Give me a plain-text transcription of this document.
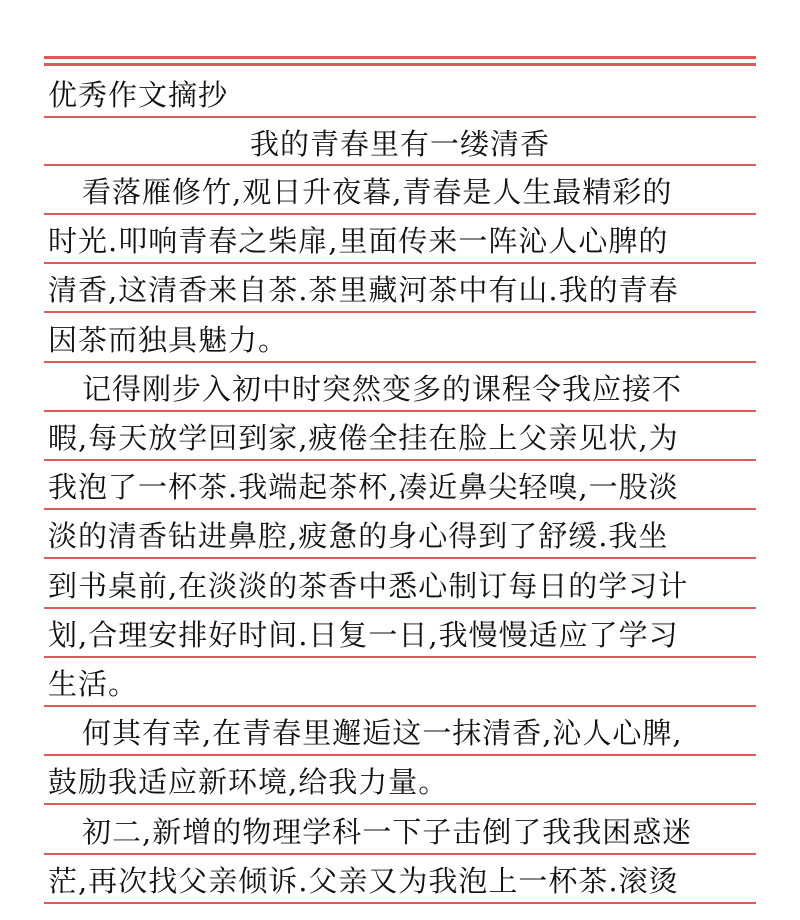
优秀作文摘抄
我的青春里有一缕清香
看落雁修竹,观日升夜暮,青春是人生最精彩的
时光.叩响青春之柴扉,里面传来一阵沁人心脾的
清香,这清香来自茶.茶里藏河茶中有山.我的青春
因茶而独具魅力。
记得刚步入初中时突然变多的课程令我应接不
暇,每天放学回到家,疲倦全挂在脸上父亲见状,为
我泡了一杯茶.我端起茶杯,凑近鼻尖轻嗅,一股淡
淡的清香钻进鼻腔,疲惫的身心得到了舒缓.我坐
到书桌前,在淡淡的茶香中悉心制订每日的学习计
划,合理安排好时间.日复一日,我慢慢适应了学习
生活。
何其有幸,在青春里邂逅这一抹清香,沁人心脾,
鼓励我适应新环境,给我力量。
初二,新增的物理学科一下子击倒了我我困惑迷
茫,再次找父亲倾诉.父亲又为我泡上一杯茶.滚烫
